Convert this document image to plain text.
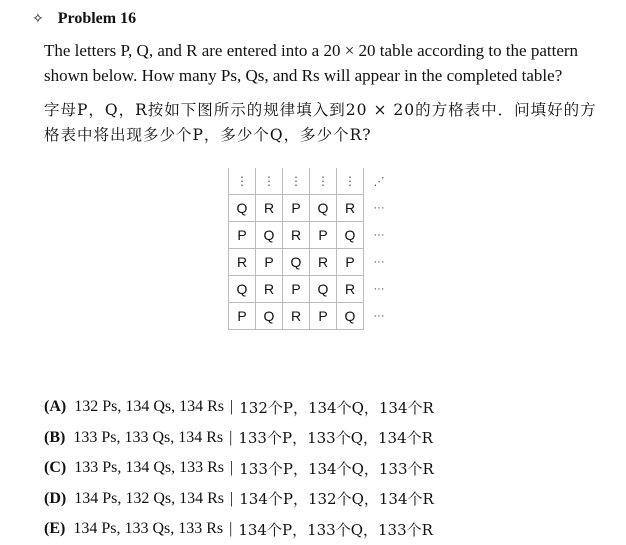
✧ Problem 16
The letters P, Q, and R are entered into a 20 × 20 table according to the pattern shown below. How many Ps, Qs, and Rs will appear in the completed table?
字母P，Q，R按如下图所示的规律填入到20 × 20的方格表中．问填好的方格表中将出现多少个P，多少个Q，多少个R?
⋮	⋮	⋮	⋮	⋮	⋰
Q	R	P	Q	R	···
P	Q	R	P	Q	···
R	P	Q	R	P	···
Q	R	P	Q	R	···
P	Q	R	P	Q	···
(A) 132 Ps, 134 Qs, 134 Rs | 132个P，134个Q，134个R
(B) 133 Ps, 133 Qs, 134 Rs | 133个P，133个Q，134个R
(C) 133 Ps, 134 Qs, 133 Rs | 133个P，134个Q，133个R
(D) 134 Ps, 132 Qs, 134 Rs | 134个P，132个Q，134个R
(E) 134 Ps, 133 Qs, 133 Rs | 134个P，133个Q，133个R
